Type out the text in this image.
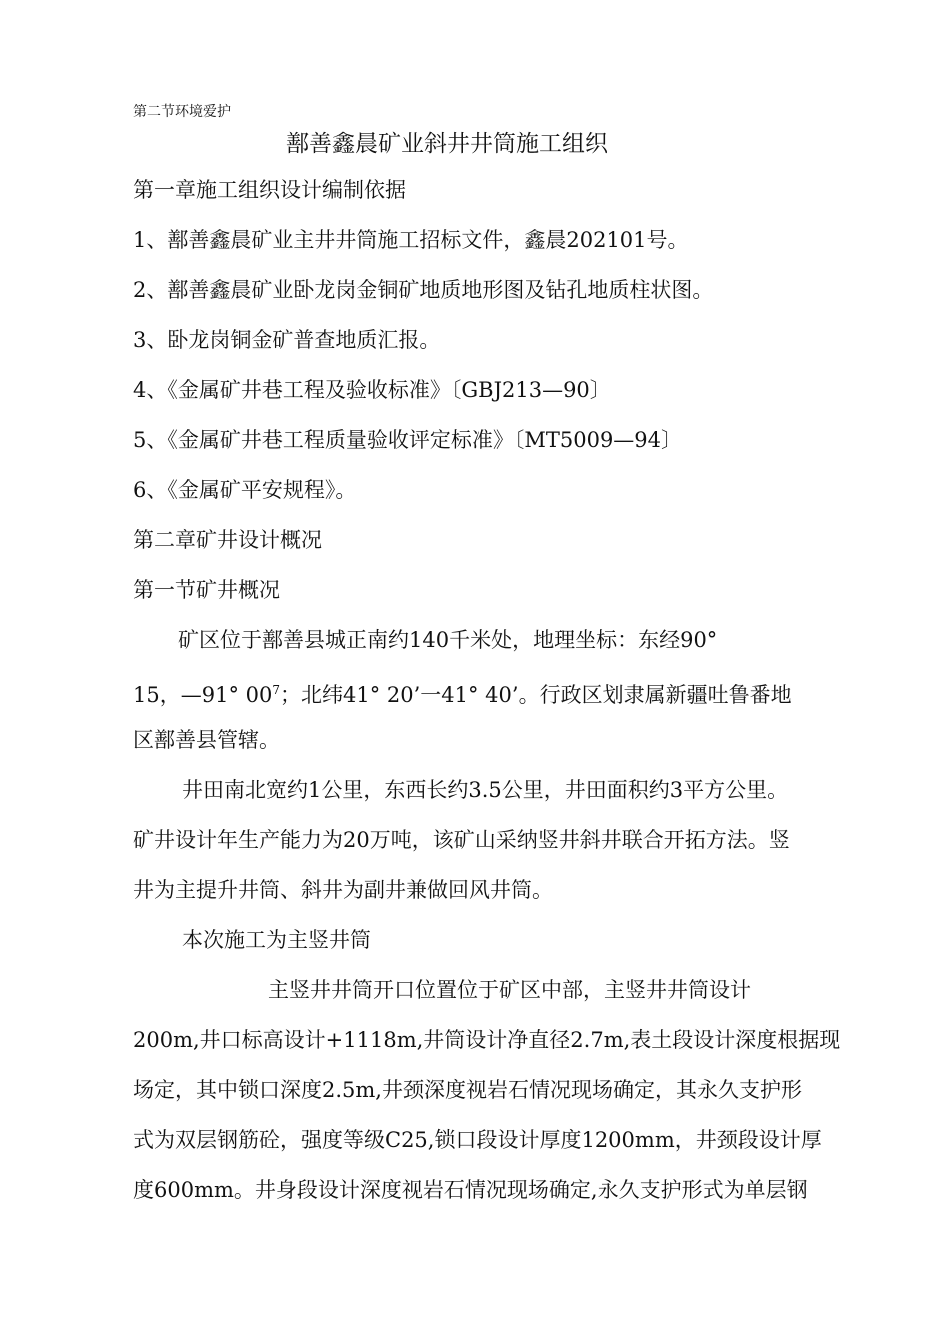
第二节环境爱护
鄯善鑫晨矿业斜井井筒施工组织
第一章施工组织设计编制依据
1、鄯善鑫晨矿业主井井筒施工招标文件，鑫晨202101号。
2、鄯善鑫晨矿业卧龙岗金铜矿地质地形图及钻孔地质柱状图。
3、卧龙岗铜金矿普查地质汇报。
4、《金属矿井巷工程及验收标准》〔GBJ213—90〕
5、《金属矿井巷工程质量验收评定标准》〔MT5009—94〕
6、《金属矿平安规程》。
第二章矿井设计概况
第一节矿井概况
矿区位于鄯善县城正南约140千米处，地理坐标：东经90°
15，—91° $00^7$；北纬41° 20’一41° 40’。行政区划隶属新疆吐鲁番地
区鄯善县管辖。
井田南北宽约1公里，东西长约3.5公里，井田面积约3平方公里。
矿井设计年生产能力为20万吨，该矿山采纳竖井斜井联合开拓方法。竖
井为主提升井筒、斜井为副井兼做回风井筒。
本次施工为主竖井筒
主竖井井筒开口位置位于矿区中部，主竖井井筒设计
200m,井口标高设计+1118m,井筒设计净直径2.7m,表土段设计深度根据现
场定，其中锁口深度2.5m,井颈深度视岩石情况现场确定，其永久支护形
式为双层钢筋砼，强度等级C25,锁口段设计厚度1200mm，井颈段设计厚
度600mm。井身段设计深度视岩石情况现场确定,永久支护形式为单层钢
